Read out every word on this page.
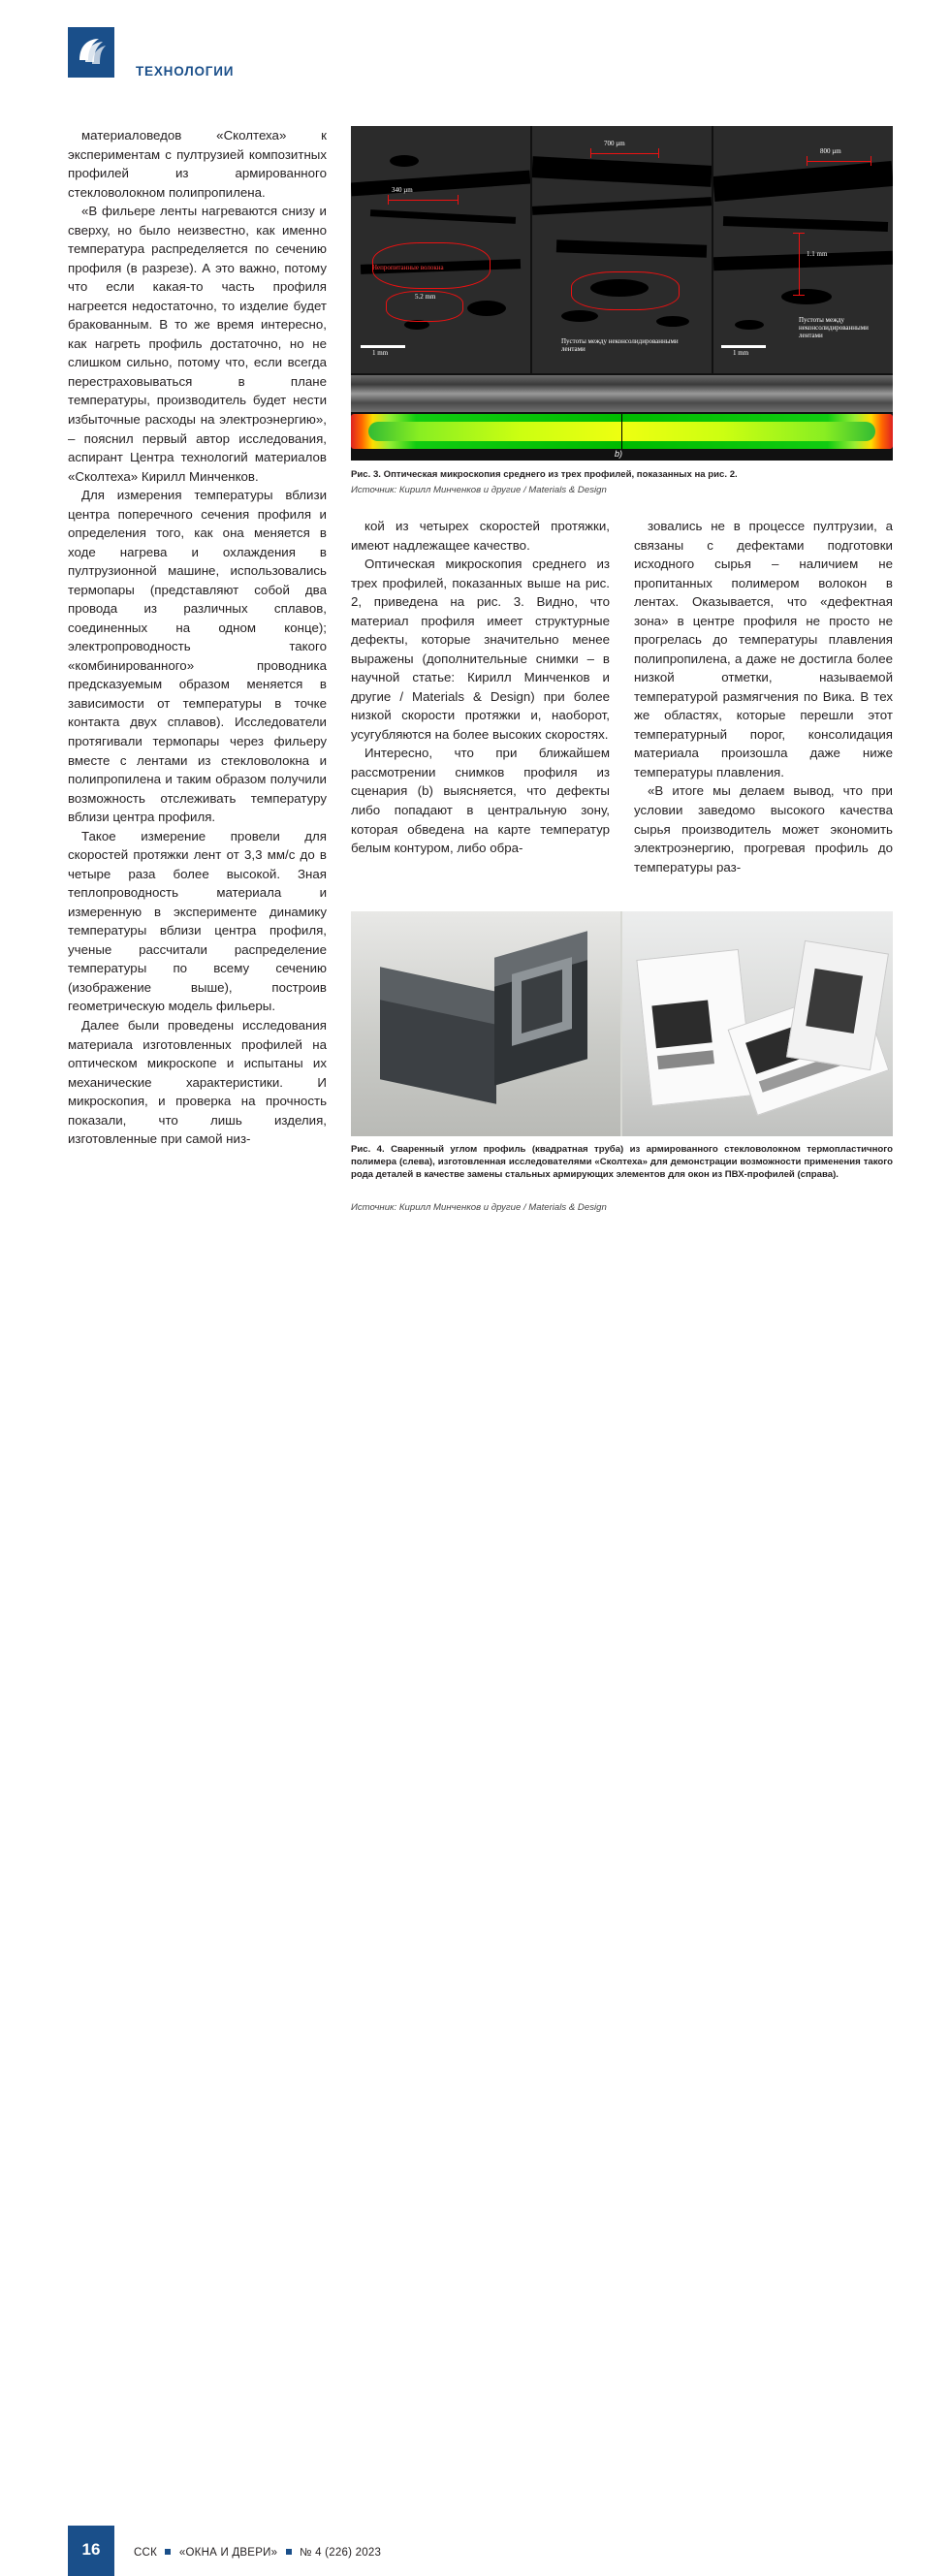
ТЕХНОЛОГИИ

материаловедов «Сколтеха» к экспериментам с пултрузией композитных профилей из армированного стекловолокном полипропилена.

«В фильере ленты нагреваются снизу и сверху, но было неизвестно, как именно температура распределяется по сечению профиля (в разрезе). А это важно, потому что если какая-то часть профиля нагреется недостаточно, то изделие будет бракованным. В то же время интересно, как нагреть профиль достаточно, но не слишком сильно, потому что, если всегда перестраховываться в плане температуры, производитель будет нести избыточные расходы на электроэнергию», – пояснил первый автор исследования, аспирант Центра технологий материалов «Сколтеха» Кирилл Минченков.

Для измерения температуры вблизи центра поперечного сечения профиля и определения того, как она меняется в ходе нагрева и охлаждения в пултрузионной машине, использовались термопары (представляют собой два провода из различных сплавов, соединенных на одном конце); электропроводность такого «комбинированного» проводника предсказуемым образом меняется в зависимости от температуры в точке контакта двух сплавов). Исследователи протягивали термопары через фильеру вместе с лентами из стекловолокна и полипропилена и таким образом получили возможность отслеживать температуру вблизи центра профиля.

Такое измерение провели для скоростей протяжки лент от 3,3 мм/с до в четыре раза более высокой. Зная теплопроводность материала и измеренную в эксперименте динамику температуры вблизи центра профиля, ученые рассчитали распределение температуры по всему сечению (изображение выше), построив геометрическую модель фильеры.

Далее были проведены исследования материала изготовленных профилей на оптическом микроскопе и испытаны их механические характеристики. И микроскопия, и проверка на прочность показали, что лишь изделия, изготовленные при самой низ-

340 µm
Непропитанные волокна
5.2 mm
1 mm
700 µm
Пустоты между неконсолидированными лентами
800 µm
1.1 mm
Пустоты между неконсолидированными лентами
1 mm
b)
Рис. 3. Оптическая микроскопия среднего из трех профилей, показанных на рис. 2.
Источник: Кирилл Минченков и другие / Materials & Design

кой из четырех скоростей протяжки, имеют надлежащее качество.

Оптическая микроскопия среднего из трех профилей, показанных выше на рис. 2, приведена на рис. 3. Видно, что материал профиля имеет структурные дефекты, которые значительно менее выражены (дополнительные снимки – в научной статье: Кирилл Минченков и другие / Materials & Design) при более низкой скорости протяжки и, наоборот, усугубляются на более высоких скоростях.

Интересно, что при ближайшем рассмотрении снимков профиля из сценария (b) выясняется, что дефекты либо попадают в центральную зону, которая обведена на карте температур белым контуром, либо обра-

зовались не в процессе пултрузии, а связаны с дефектами подготовки исходного сырья – наличием не пропитанных полимером волокон в лентах. Оказывается, что «дефектная зона» в центре профиля не просто не прогрелась до температуры плавления полипропилена, а даже не достигла более низкой отметки, называемой температурой размягчения по Вика. В тех же областях, которые перешли этот температурный порог, консолидация материала произошла даже ниже температуры плавления.

«В итоге мы делаем вывод, что при условии заведомо высокого качества сырья производитель может экономить электроэнергию, прогревая профиль до температуры раз-

Рис. 4. Сваренный углом профиль (квадратная труба) из армированного стекловолокном термопластичного полимера (слева), изготовленная исследователями «Сколтеха» для демонстрации возможности применения такого рода деталей в качестве замены стальных армирующих элементов для окон из ПВХ-профилей (справа).
Источник: Кирилл Минченков и другие / Materials & Design
16	ССК «ОКНА И ДВЕРИ» № 4 (226) 2023
